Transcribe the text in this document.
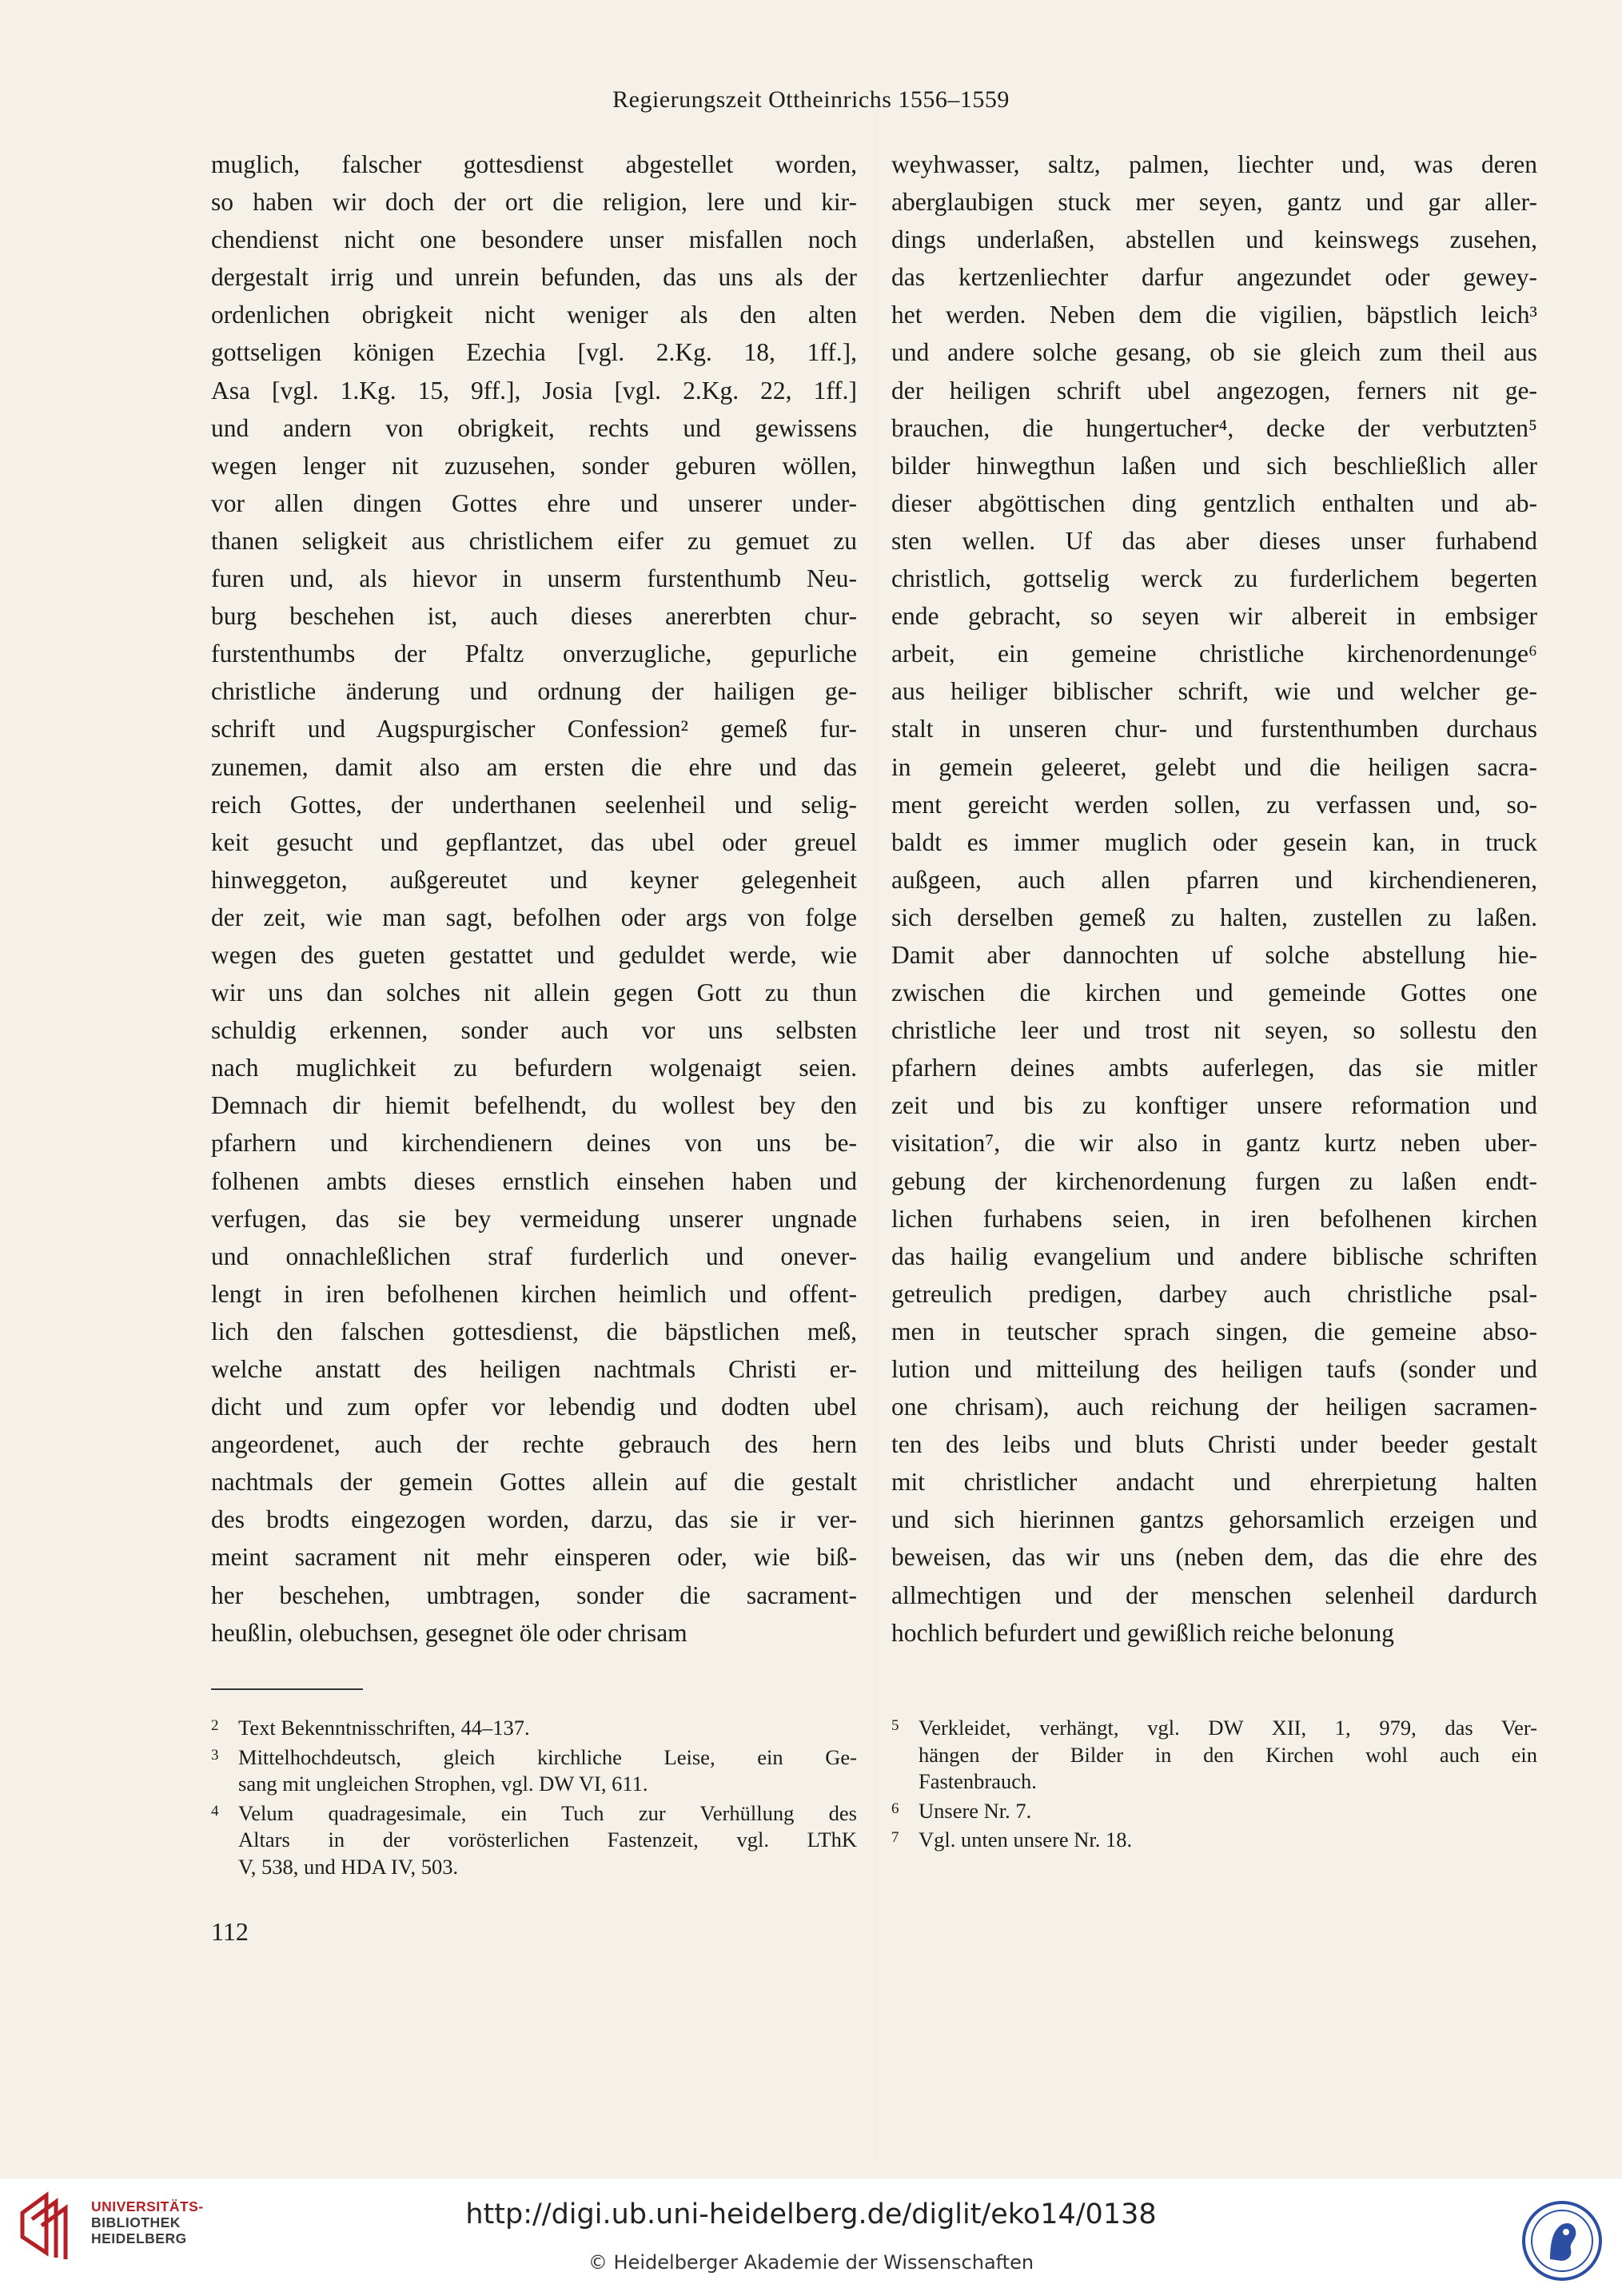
Regierungszeit Ottheinrichs 1556–1559
muglich, falscher gottesdienst abgestellet worden,
so haben wir doch der ort die religion, lere und kir-
chendienst nicht one besondere unser misfallen noch
dergestalt irrig und unrein befunden, das uns als der
ordenlichen obrigkeit nicht weniger als den alten
gottseligen königen Ezechia [vgl. 2.Kg. 18, 1ff.],
Asa [vgl. 1.Kg. 15, 9ff.], Josia [vgl. 2.Kg. 22, 1ff.]
und andern von obrigkeit, rechts und gewissens
wegen lenger nit zuzusehen, sonder geburen wöllen,
vor allen dingen Gottes ehre und unserer under-
thanen seligkeit aus christlichem eifer zu gemuet zu
furen und, als hievor in unserm furstenthumb Neu-
burg beschehen ist, auch dieses anererbten chur-
furstenthumbs der Pfaltz onverzugliche, gepurliche
christliche änderung und ordnung der hailigen ge-
schrift und Augspurgischer Confession² gemeß fur-
zunemen, damit also am ersten die ehre und das
reich Gottes, der underthanen seelenheil und selig-
keit gesucht und gepflantzet, das ubel oder greuel
hinweggeton, außgereutet und keyner gelegenheit
der zeit, wie man sagt, befolhen oder args von folge
wegen des gueten gestattet und geduldet werde, wie
wir uns dan solches nit allein gegen Gott zu thun
schuldig erkennen, sonder auch vor uns selbsten
nach muglichkeit zu befurdern wolgenaigt seien.
Demnach dir hiemit befelhendt, du wollest bey den
pfarhern und kirchendienern deines von uns be-
folhenen ambts dieses ernstlich einsehen haben und
verfugen, das sie bey vermeidung unserer ungnade
und onnachleßlichen straf furderlich und onever-
lengt in iren befolhenen kirchen heimlich und offent-
lich den falschen gottesdienst, die bäpstlichen meß,
welche anstatt des heiligen nachtmals Christi er-
dicht und zum opfer vor lebendig und dodten ubel
angeordenet, auch der rechte gebrauch des hern
nachtmals der gemein Gottes allein auf die gestalt
des brodts eingezogen worden, darzu, das sie ir ver-
meint sacrament nit mehr einsperen oder, wie biß-
her beschehen, umbtragen, sonder die sacrament-
heußlin, olebuchsen, gesegnet öle oder chrisam
weyhwasser, saltz, palmen, liechter und, was deren
aberglaubigen stuck mer seyen, gantz und gar aller-
dings underlaßen, abstellen und keinswegs zusehen,
das kertzenliechter darfur angezundet oder gewey-
het werden. Neben dem die vigilien, bäpstlich leich³
und andere solche gesang, ob sie gleich zum theil aus
der heiligen schrift ubel angezogen, ferners nit ge-
brauchen, die hungertucher⁴, decke der verbutzten⁵
bilder hinwegthun laßen und sich beschließlich aller
dieser abgöttischen ding gentzlich enthalten und ab-
sten wellen. Uf das aber dieses unser furhabend
christlich, gottselig werck zu furderlichem begerten
ende gebracht, so seyen wir albereit in embsiger
arbeit, ein gemeine christliche kirchenordenunge⁶
aus heiliger biblischer schrift, wie und welcher ge-
stalt in unseren chur- und furstenthumben durchaus
in gemein geleeret, gelebt und die heiligen sacra-
ment gereicht werden sollen, zu verfassen und, so-
baldt es immer muglich oder gesein kan, in truck
außgeen, auch allen pfarren und kirchendieneren,
sich derselben gemeß zu halten, zustellen zu laßen.
Damit aber dannochten uf solche abstellung hie-
zwischen die kirchen und gemeinde Gottes one
christliche leer und trost nit seyen, so sollestu den
pfarhern deines ambts auferlegen, das sie mitler
zeit und bis zu konftiger unsere reformation und
visitation⁷, die wir also in gantz kurtz neben uber-
gebung der kirchenordenung furgen zu laßen endt-
lichen furhabens seien, in iren befolhenen kirchen
das hailig evangelium und andere biblische schriften
getreulich predigen, darbey auch christliche psal-
men in teutscher sprach singen, die gemeine abso-
lution und mitteilung des heiligen taufs (sonder und
one chrisam), auch reichung der heiligen sacramen-
ten des leibs und bluts Christi under beeder gestalt
mit christlicher andacht und ehrerpietung halten
und sich hierinnen gantzs gehorsamlich erzeigen und
beweisen, das wir uns (neben dem, das die ehre des
allmechtigen und der menschen selenheil dardurch
hochlich befurdert und gewißlich reiche belonung
2 Text Bekenntnisschriften, 44–137.
3 Mittelhochdeutsch, gleich kirchliche Leise, ein Ge-
sang mit ungleichen Strophen, vgl. DW VI, 611.
4 Velum quadragesimale, ein Tuch zur Verhüllung des
Altars in der vorösterlichen Fastenzeit, vgl. LThK
V, 538, und HDA IV, 503.
5 Verkleidet, verhängt, vgl. DW XII, 1, 979, das Ver-
hängen der Bilder in den Kirchen wohl auch ein
Fastenbrauch.
6 Unsere Nr. 7.
7 Vgl. unten unsere Nr. 18.
112
UNIVERSITÄTS-
BIBLIOTHEK
HEIDELBERG
http://digi.ub.uni-heidelberg.de/diglit/eko14/0138
© Heidelberger Akademie der Wissenschaften
